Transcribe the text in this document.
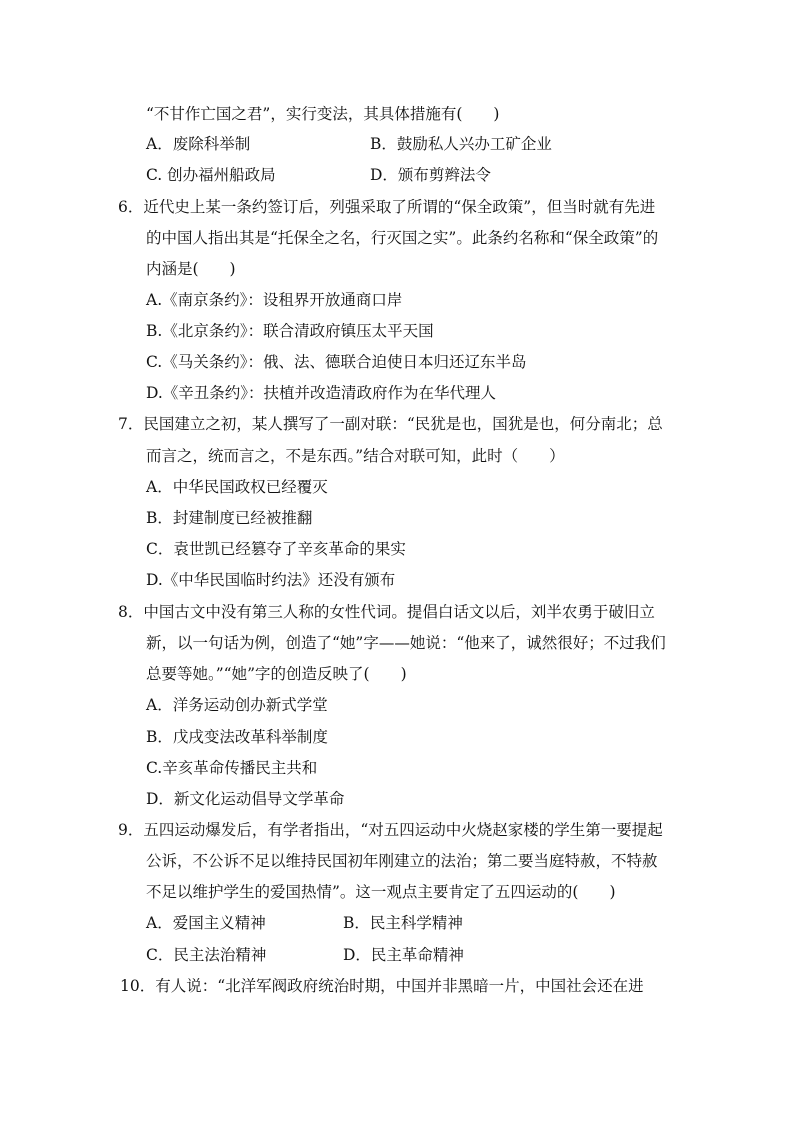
“不甘作亡国之君”，实行变法，其具体措施有(　　)
A．废除科举制	B．鼓励私人兴办工矿企业
C. 创办福州船政局	D．颁布剪辫法令
6．近代史上某一条约签订后，列强采取了所谓的“保全政策”，但当时就有先进
的中国人指出其是“托保全之名，行灭国之实”。此条约名称和“保全政策”的
内涵是(　　)
A.《南京条约》：设租界开放通商口岸
B.《北京条约》：联合清政府镇压太平天国
C.《马关条约》：俄、法、德联合迫使日本归还辽东半岛
D.《辛丑条约》：扶植并改造清政府作为在华代理人
7．民国建立之初，某人撰写了一副对联：“民犹是也，国犹是也，何分南北；总
而言之，统而言之，不是东西。”结合对联可知，此时（　　）
A．中华民国政权已经覆灭
B．封建制度已经被推翻
C．袁世凯已经篡夺了辛亥革命的果实
D.《中华民国临时约法》还没有颁布
8．中国古文中没有第三人称的女性代词。提倡白话文以后，刘半农勇于破旧立
新，以一句话为例，创造了“她”字——她说：“他来了，诚然很好；不过我们
总要等她。”“她”字的创造反映了(　　)
A．洋务运动创办新式学堂
B．戊戌变法改革科举制度
C.辛亥革命传播民主共和
D．新文化运动倡导文学革命
9．五四运动爆发后，有学者指出，“对五四运动中火烧赵家楼的学生第一要提起
公诉，不公诉不足以维持民国初年刚建立的法治；第二要当庭特赦，不特赦
不足以维护学生的爱国热情”。这一观点主要肯定了五四运动的(　　)
A．爱国主义精神	B．民主科学精神
C．民主法治精神	D．民主革命精神
10．有人说：“北洋军阀政府统治时期，中国并非黑暗一片，中国社会还在进
